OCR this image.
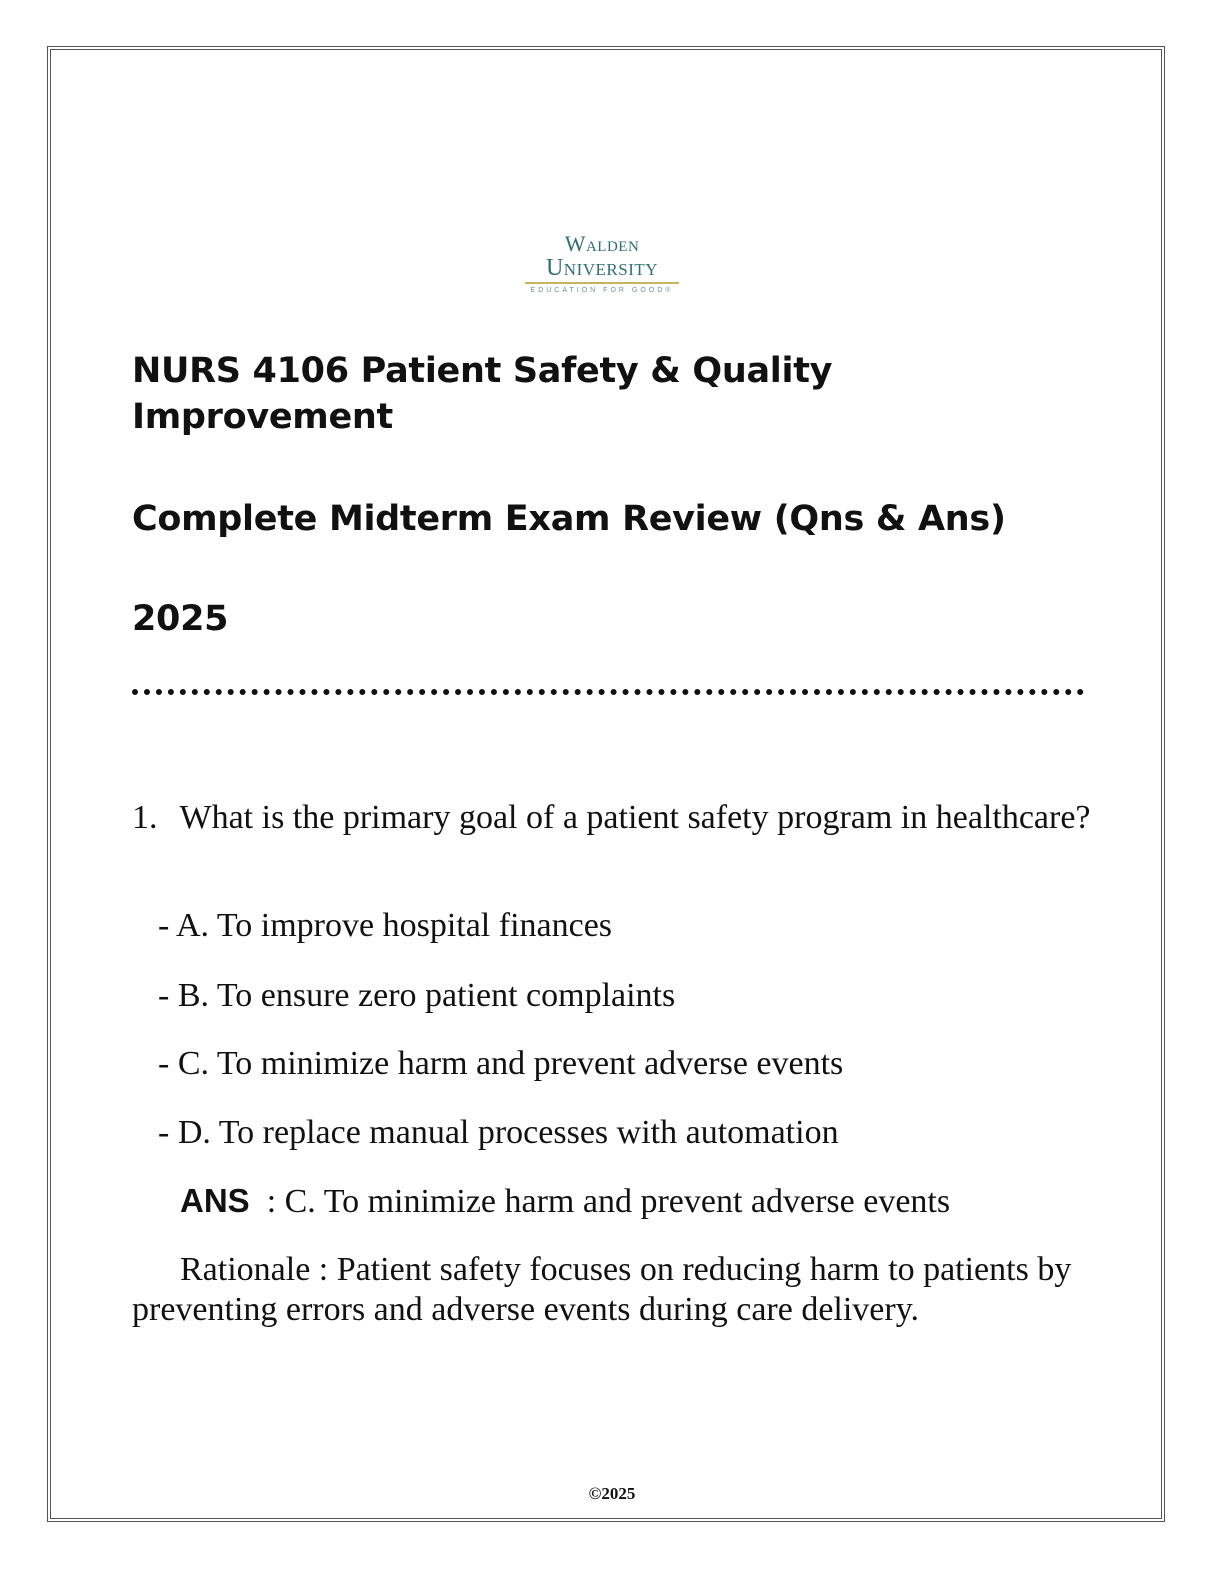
Walden
University
EDUCATION FOR GOOD®
NURS 4106 Patient Safety & Quality Improvement
Complete Midterm Exam Review (Qns & Ans)
2025

1. What is the primary goal of a patient safety program in healthcare?

- A. To improve hospital finances

- B. To ensure zero patient complaints

- C. To minimize harm and prevent adverse events

- D. To replace manual processes with automation

ANS  : C. To minimize harm and prevent adverse events

Rationale : Patient safety focuses on reducing harm to patients by preventing errors and adverse events during care delivery.

©2025
